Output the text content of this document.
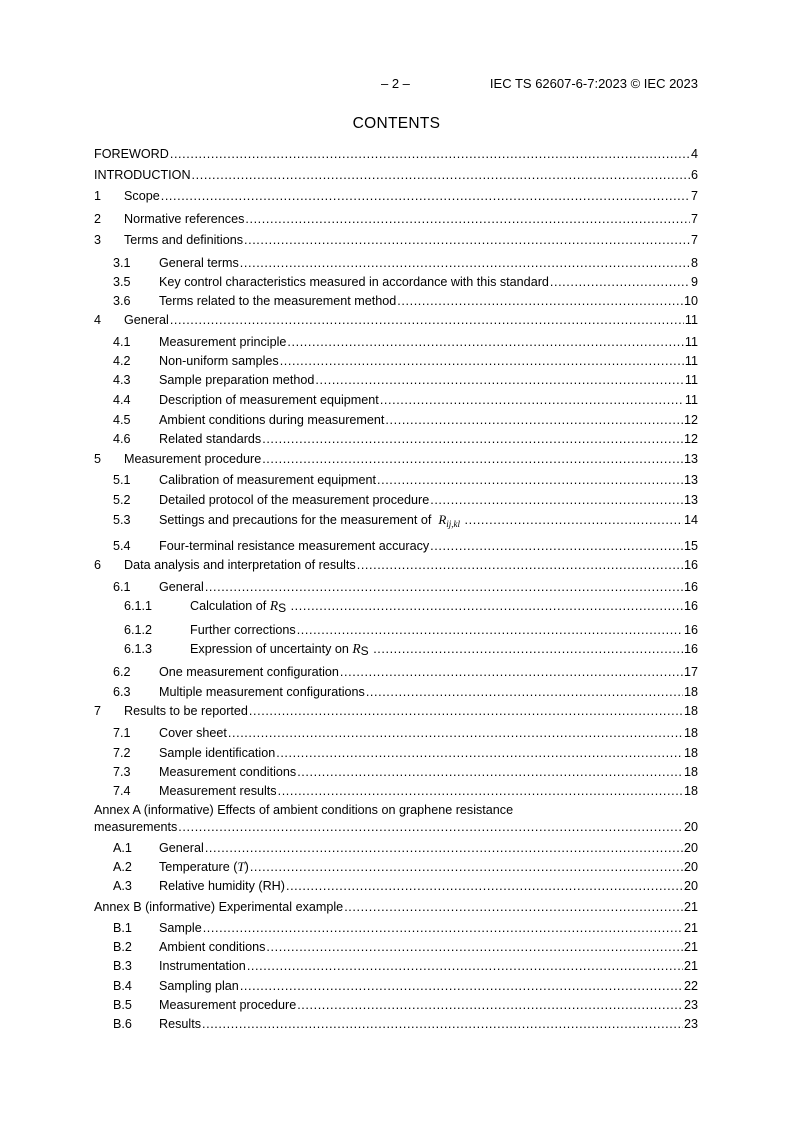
– 2 –	IEC TS 62607-6-7:2023 © IEC 2023
CONTENTS
FOREWORD .....	4
INTRODUCTION .....	6
1	Scope .....	7
2	Normative references .....	7
3	Terms and definitions .....	7
3.1	General terms .....	8
3.5	Key control characteristics measured in accordance with this standard .....	9
3.6	Terms related to the measurement method .....	10
4	General .....	11
4.1	Measurement principle .....	11
4.2	Non-uniform samples .....	11
4.3	Sample preparation method .....	11
4.4	Description of measurement equipment .....	11
4.5	Ambient conditions during measurement .....	12
4.6	Related standards .....	12
5	Measurement procedure .....	13
5.1	Calibration of measurement equipment .....	13
5.2	Detailed protocol of the measurement procedure .....	13
5.3	Settings and precautions for the measurement of $R_{ij,kl}$ .....	14
5.4	Four-terminal resistance measurement accuracy .....	15
6	Data analysis and interpretation of results .....	16
6.1	General .....	16
6.1.1	Calculation of RS .....	16
6.1.2	Further corrections .....	16
6.1.3	Expression of uncertainty on RS .....	16
6.2	One measurement configuration .....	17
6.3	Multiple measurement configurations .....	18
7	Results to be reported .....	18
7.1	Cover sheet .....	18
7.2	Sample identification .....	18
7.3	Measurement conditions .....	18
7.4	Measurement results .....	18
Annex A (informative) Effects of ambient conditions on graphene resistance
measurements .....	20
A.1	General .....	20
A.2	Temperature (T) .....	20
A.3	Relative humidity (RH) .....	20
Annex B (informative) Experimental example .....	21
B.1	Sample .....	21
B.2	Ambient conditions .....	21
B.3	Instrumentation .....	21
B.4	Sampling plan .....	22
B.5	Measurement procedure .....	23
B.6	Results .....	23
